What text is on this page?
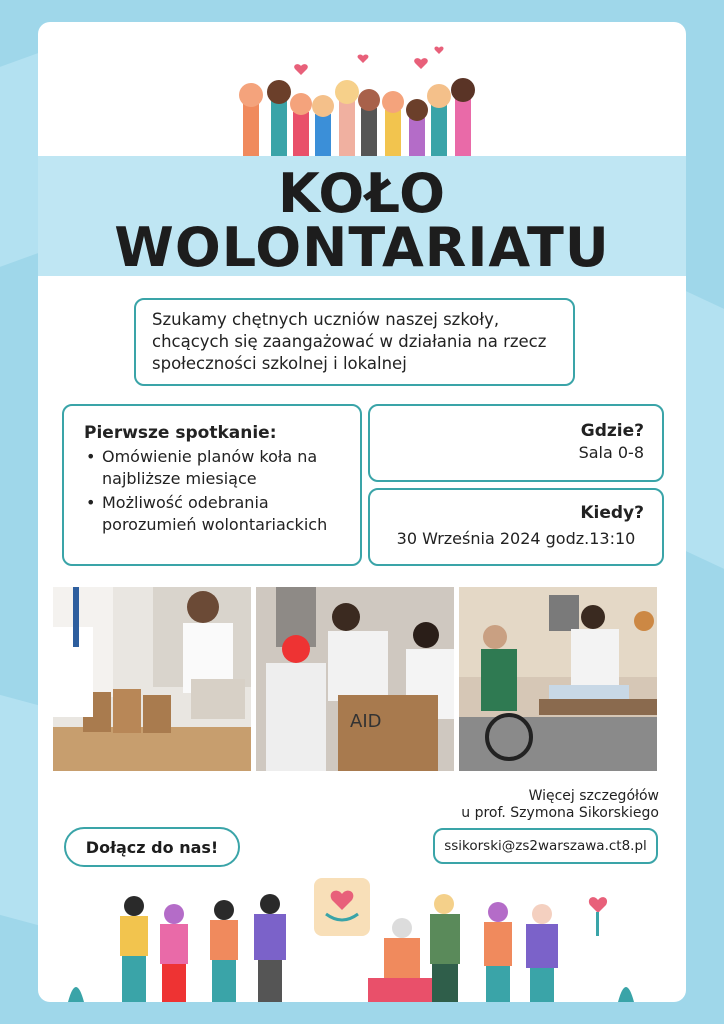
KOŁO
WOLONTARIATU
Szukamy chętnych uczniów naszej szkoły, chcących się zaangażować w działania na rzecz społeczności szkolnej i lokalnej
Pierwsze spotkanie:
• Omówienie planów koła na najbliższe miesiące
• Możliwość odebrania porozumień wolontariackich
Gdzie?
Sala 0-8
Kiedy?
30 Września 2024 godz.13:10
AID
Więcej szczegółów
u prof. Szymona Sikorskiego
ssikorski@zs2warszawa.ct8.pl
Dołącz do nas!
